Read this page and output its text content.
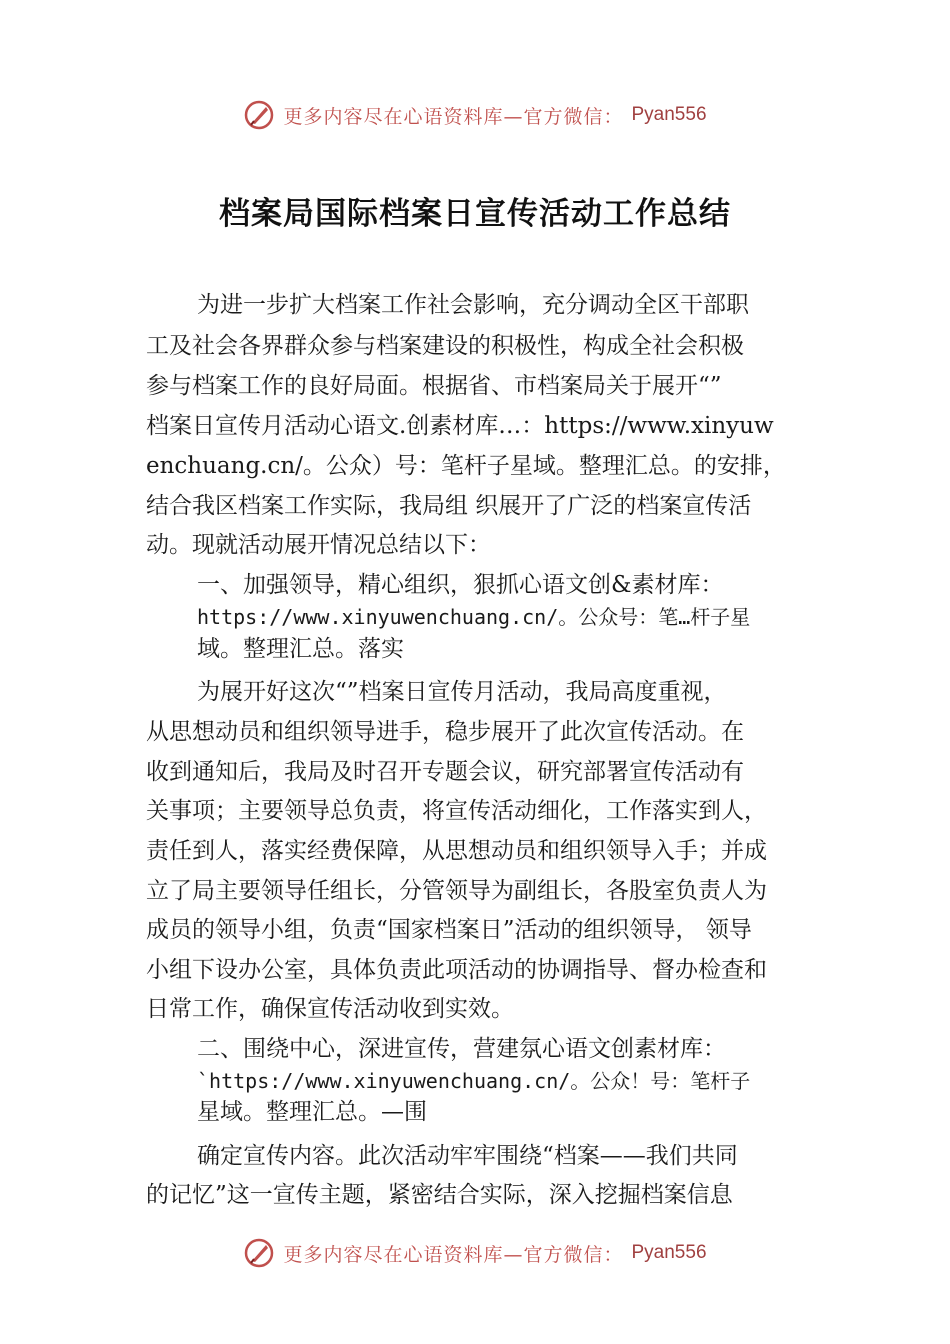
更多内容尽在心语资料库—官方微信： Pyan556
档案局国际档案日宣传活动工作总结
为进一步扩大档案工作社会影响，充分调动全区干部职
工及社会各界群众参与档案建设的积极性，构成全社会积极
参与档案工作的良好局面。根据省、市档案局关于展开“”
档案日宣传月活动心语文.创素材库…：https://www.xinyuw
enchuang.cn/。公众）号：笔杆子星域。整理汇总。的安排，
结合我区档案工作实际，我局组 织展开了广泛的档案宣传活
动。现就活动展开情况总结以下：
一、加强领导，精心组织，狠抓心语文创&素材库：
https://www.xinyuwenchuang.cn/。公众号：笔…杆子星
域。整理汇总。落实
为展开好这次“”档案日宣传月活动，我局高度重视，
从思想动员和组织领导进手，稳步展开了此次宣传活动。在
收到通知后，我局及时召开专题会议，研究部署宣传活动有
关事项；主要领导总负责，将宣传活动细化，工作落实到人，
责任到人，落实经费保障，从思想动员和组织领导入手；并成
立了局主要领导任组长，分管领导为副组长，各股室负责人为
成员的领导小组，负责“国家档案日”活动的组织领导， 领导
小组下设办公室，具体负责此项活动的协调指导、督办检查和
日常工作，确保宣传活动收到实效。
二、围绕中心，深进宣传，营建氛心语文创素材库：
`https://www.xinyuwenchuang.cn/。公众！号：笔杆子
星域。整理汇总。—围
确定宣传内容。此次活动牢牢围绕“档案——我们共同
的记忆”这一宣传主题，紧密结合实际，深入挖掘档案信息
更多内容尽在心语资料库—官方微信： Pyan556
